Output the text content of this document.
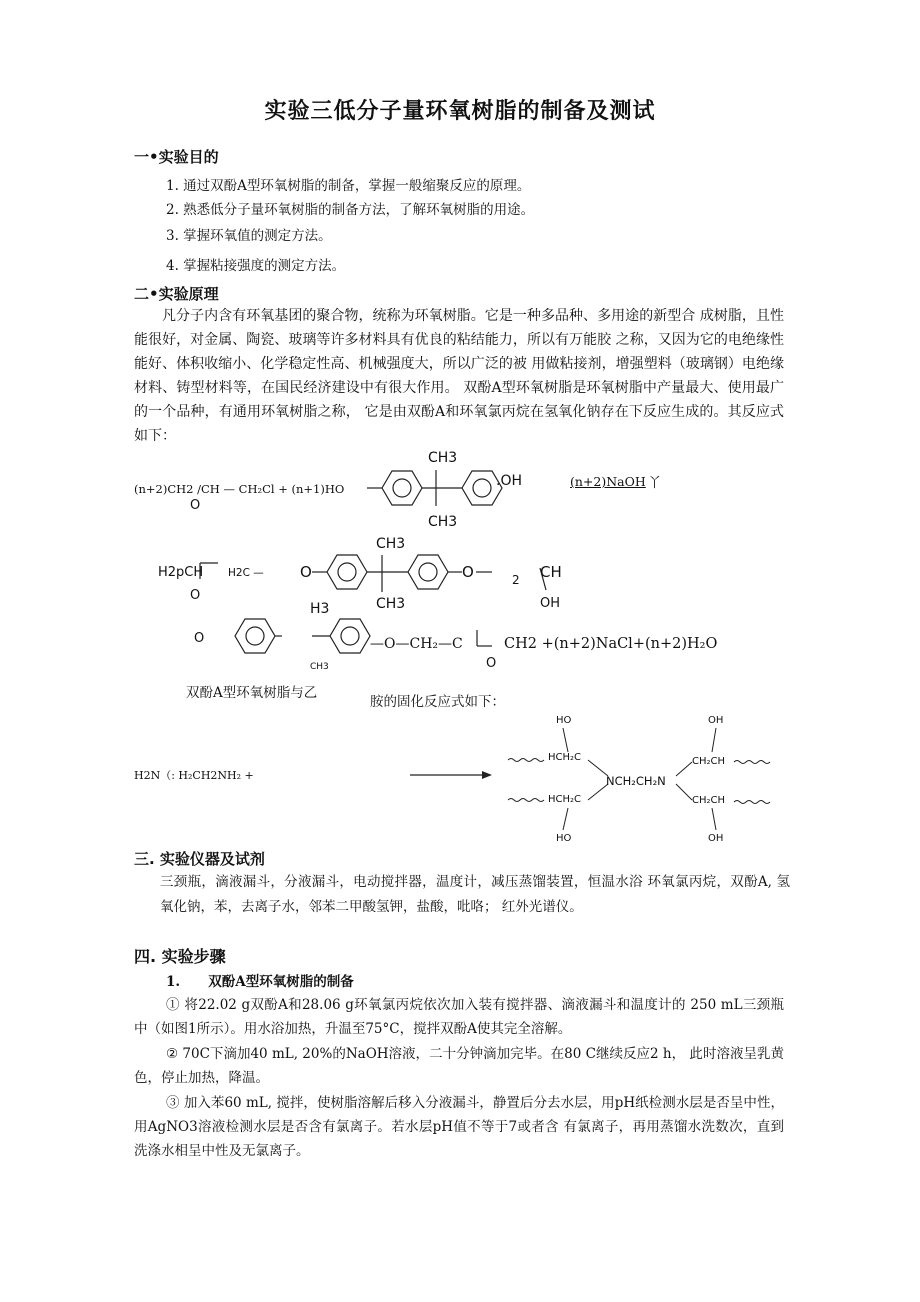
实验三低分子量环氧树脂的制备及测试
一•实验目的
1. 通过双酚A型环氧树脂的制备，掌握一般缩聚反应的原理。
2. 熟悉低分子量环氧树脂的制备方法，了解环氧树脂的用途。
3. 掌握环氧值的测定方法。
4. 掌握粘接强度的测定方法。
二•实验原理
凡分子内含有环氧基团的聚合物，统称为环氧树脂。它是一种多品种、多用途的新型合 成树脂，且性能很好，对金属、陶瓷、玻璃等许多材料具有优良的粘结能力，所以有万能胶 之称，又因为它的电绝缘性能好、体积收缩小、化学稳定性高、机械强度大，所以广泛的被 用做粘接剂，增强塑料（玻璃钢）电绝缘材料、铸型材料等，在国民经济建设中有很大作用。 双酚A型环氧树脂是环氧树脂中产量最大、使用最广的一个品种，有通用环氧树脂之称， 它是由双酚A和环氧氯丙烷在氢氧化钠存在下反应生成的。其反应式如下：
(n+2)CH2 /CH — CH₂Cl + (n+1)HO
O
CH3
CH3
.OH	(n+2)NaOH 丫
H2pCH H2C —
O
CH3
CH3
O	O	2 CH
OH
O
H3
CH3
—O—CH₂—C	CH2 +(n+2)NaCl+(n+2)H₂O
O
双酚A型环氧树脂与乙
胺的固化反应式如下：
H2N（: H₂CH2NH₂ +
HO	OH
HO	OH
HCH₂C
HCH₂C
CH₂CH
CH₂CH
NCH₂CH₂N
三. 实验仪器及试剂
三颈瓶，滴液漏斗，分液漏斗，电动搅拌器，温度计，减压蒸馏装置，恒温水浴 环氧氯丙烷，双酚A, 氢氧化钠，苯，去离子水，邻苯二甲酸氢钾，盐酸，吡咯； 红外光谱仪。
四. 实验步骤
1.      双酚A型环氧树脂的制备
① 将22.02 g双酚A和28.06 g环氧氯丙烷依次加入装有搅拌器、滴液漏斗和温度计的 250 mL三颈瓶中（如图1所示）。用水浴加热，升温至75°C，搅拌双酚A使其完全溶解。
② 70C下滴加40 mL, 20%的NaOH溶液，二十分钟滴加完毕。在80 C继续反应2 h， 此时溶液呈乳黄色，停止加热，降温。
③ 加入苯60 mL, 搅拌，使树脂溶解后移入分液漏斗，静置后分去水层，用pH纸检测水层是否呈中性，用AgNO3溶液检测水层是否含有氯离子。若水层pH值不等于7或者含 有氯离子，再用蒸馏水洗数次，直到洗涤水相呈中性及无氯离子。
